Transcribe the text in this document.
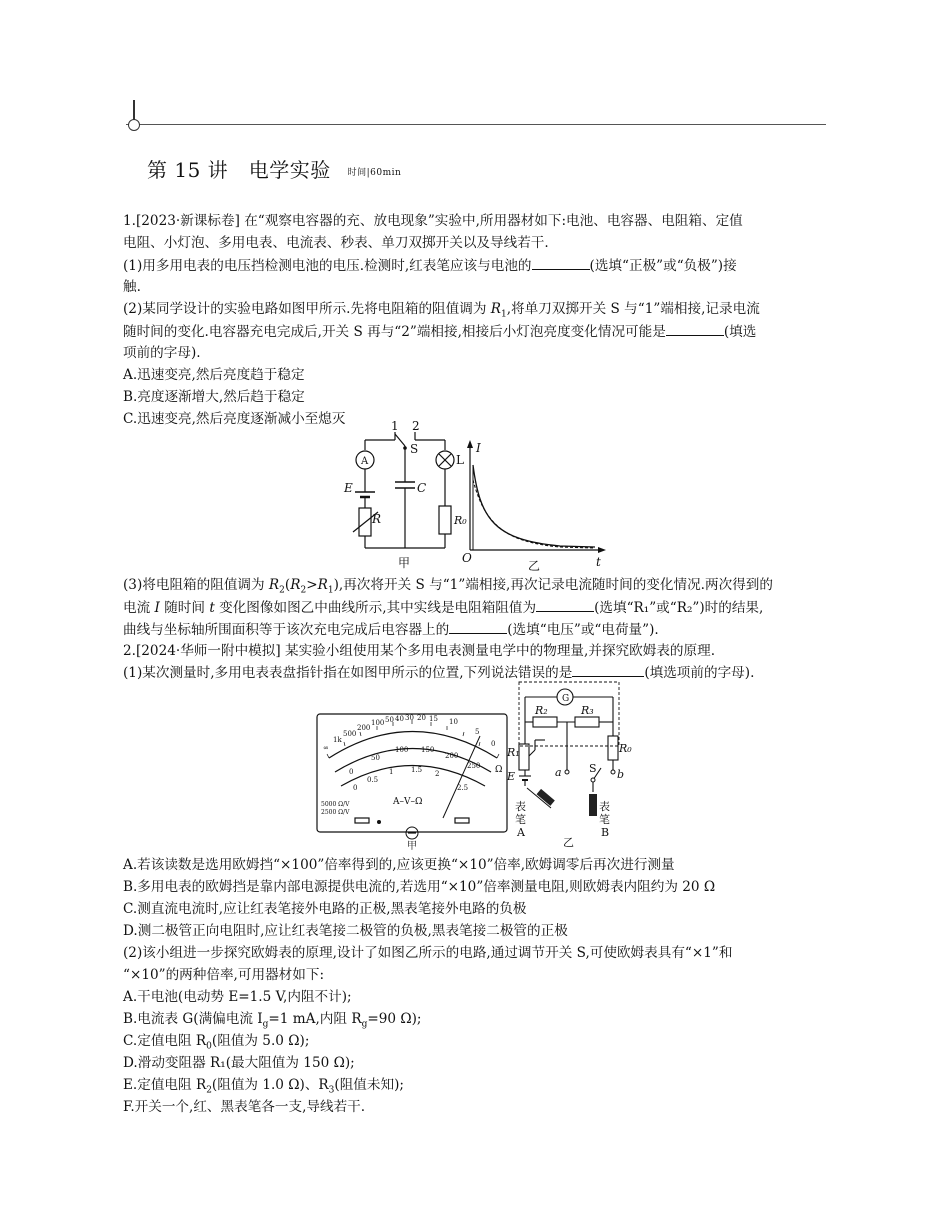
第 15 讲 电学实验 时间|60min
1.[2023·新课标卷] 在“观察电容器的充、放电现象”实验中,所用器材如下:电池、电容器、电阻箱、定值
电阻、小灯泡、多用电表、电流表、秒表、单刀双掷开关以及导线若干.
(1)用多用电表的电压挡检测电池的电压.检测时,红表笔应该与电池的	(选填“正极”或“负极”)接
触.
(2)某同学设计的实验电路如图甲所示.先将电阻箱的阻值调为 $R_1$,将单刀双掷开关 S 与“1”端相接,记录电流
随时间的变化.电容器充电完成后,开关 S 再与“2”端相接,相接后小灯泡亮度变化情况可能是	(填选
项前的字母).
A.迅速变亮,然后亮度趋于稳定
B.亮度逐渐增大,然后趋于稳定
C.迅速变亮,然后亮度逐渐减小至熄灭	1 2
S
C
L
E
R	R₀
A
甲
I
t
O
乙
(3)将电阻箱的阻值调为 $R_2(R_2>R_1)$,再次将开关 S 与“1”端相接,再次记录电流随时间的变化情况.两次得到的
电流 I 随时间 t 变化图像如图乙中曲线所示,其中实线是电阻箱阻值为	(选填“R₁”或“R₂”)时的结果,
曲线与坐标轴所围面积等于该次充电完成后电容器上的	(选填“电压”或“电荷量”).
2.[2024·华师一附中模拟] 某实验小组使用某个多用电表测量电学中的物理量,并探究欧姆表的原理.
(1)某次测量时,多用电表表盘指针指在如图甲所示的位置,下列说法错误的是	(填选项前的字母).
∞
1k
500
200
100 50 40 30 20 15 10
5
0
0
50
100 150
200
250
0
0.5
1	1.5 2
2.5
A–V–Ω
5000 Ω/V
2500 Ω/V
Ω
甲
G
R₂	R₃
R₁	R₀
E	a	b
S
表
笔
A
表
笔
B
乙
A.若该读数是选用欧姆挡“×100”倍率得到的,应该更换“×10”倍率,欧姆调零后再次进行测量
B.多用电表的欧姆挡是靠内部电源提供电流的,若选用“×10”倍率测量电阻,则欧姆表内阻约为 20 Ω
C.测直流电流时,应让红表笔接外电路的正极,黑表笔接外电路的负极
D.测二极管正向电阻时,应让红表笔接二极管的负极,黑表笔接二极管的正极
(2)该小组进一步探究欧姆表的原理,设计了如图乙所示的电路,通过调节开关 S,可使欧姆表具有“×1”和
“×10”的两种倍率,可用器材如下:
A.干电池(电动势 E=1.5 V,内阻不计);
B.电流表 G(满偏电流 $I_g=1$ mA,内阻 $R_g=90$ Ω);
C.定值电阻 $R_0$(阻值为 5.0 Ω);
D.滑动变阻器 R₁(最大阻值为 150 Ω);
E.定值电阻 $R_2$(阻值为 1.0 Ω)、$R_3$(阻值未知);
F.开关一个,红、黑表笔各一支,导线若干.
